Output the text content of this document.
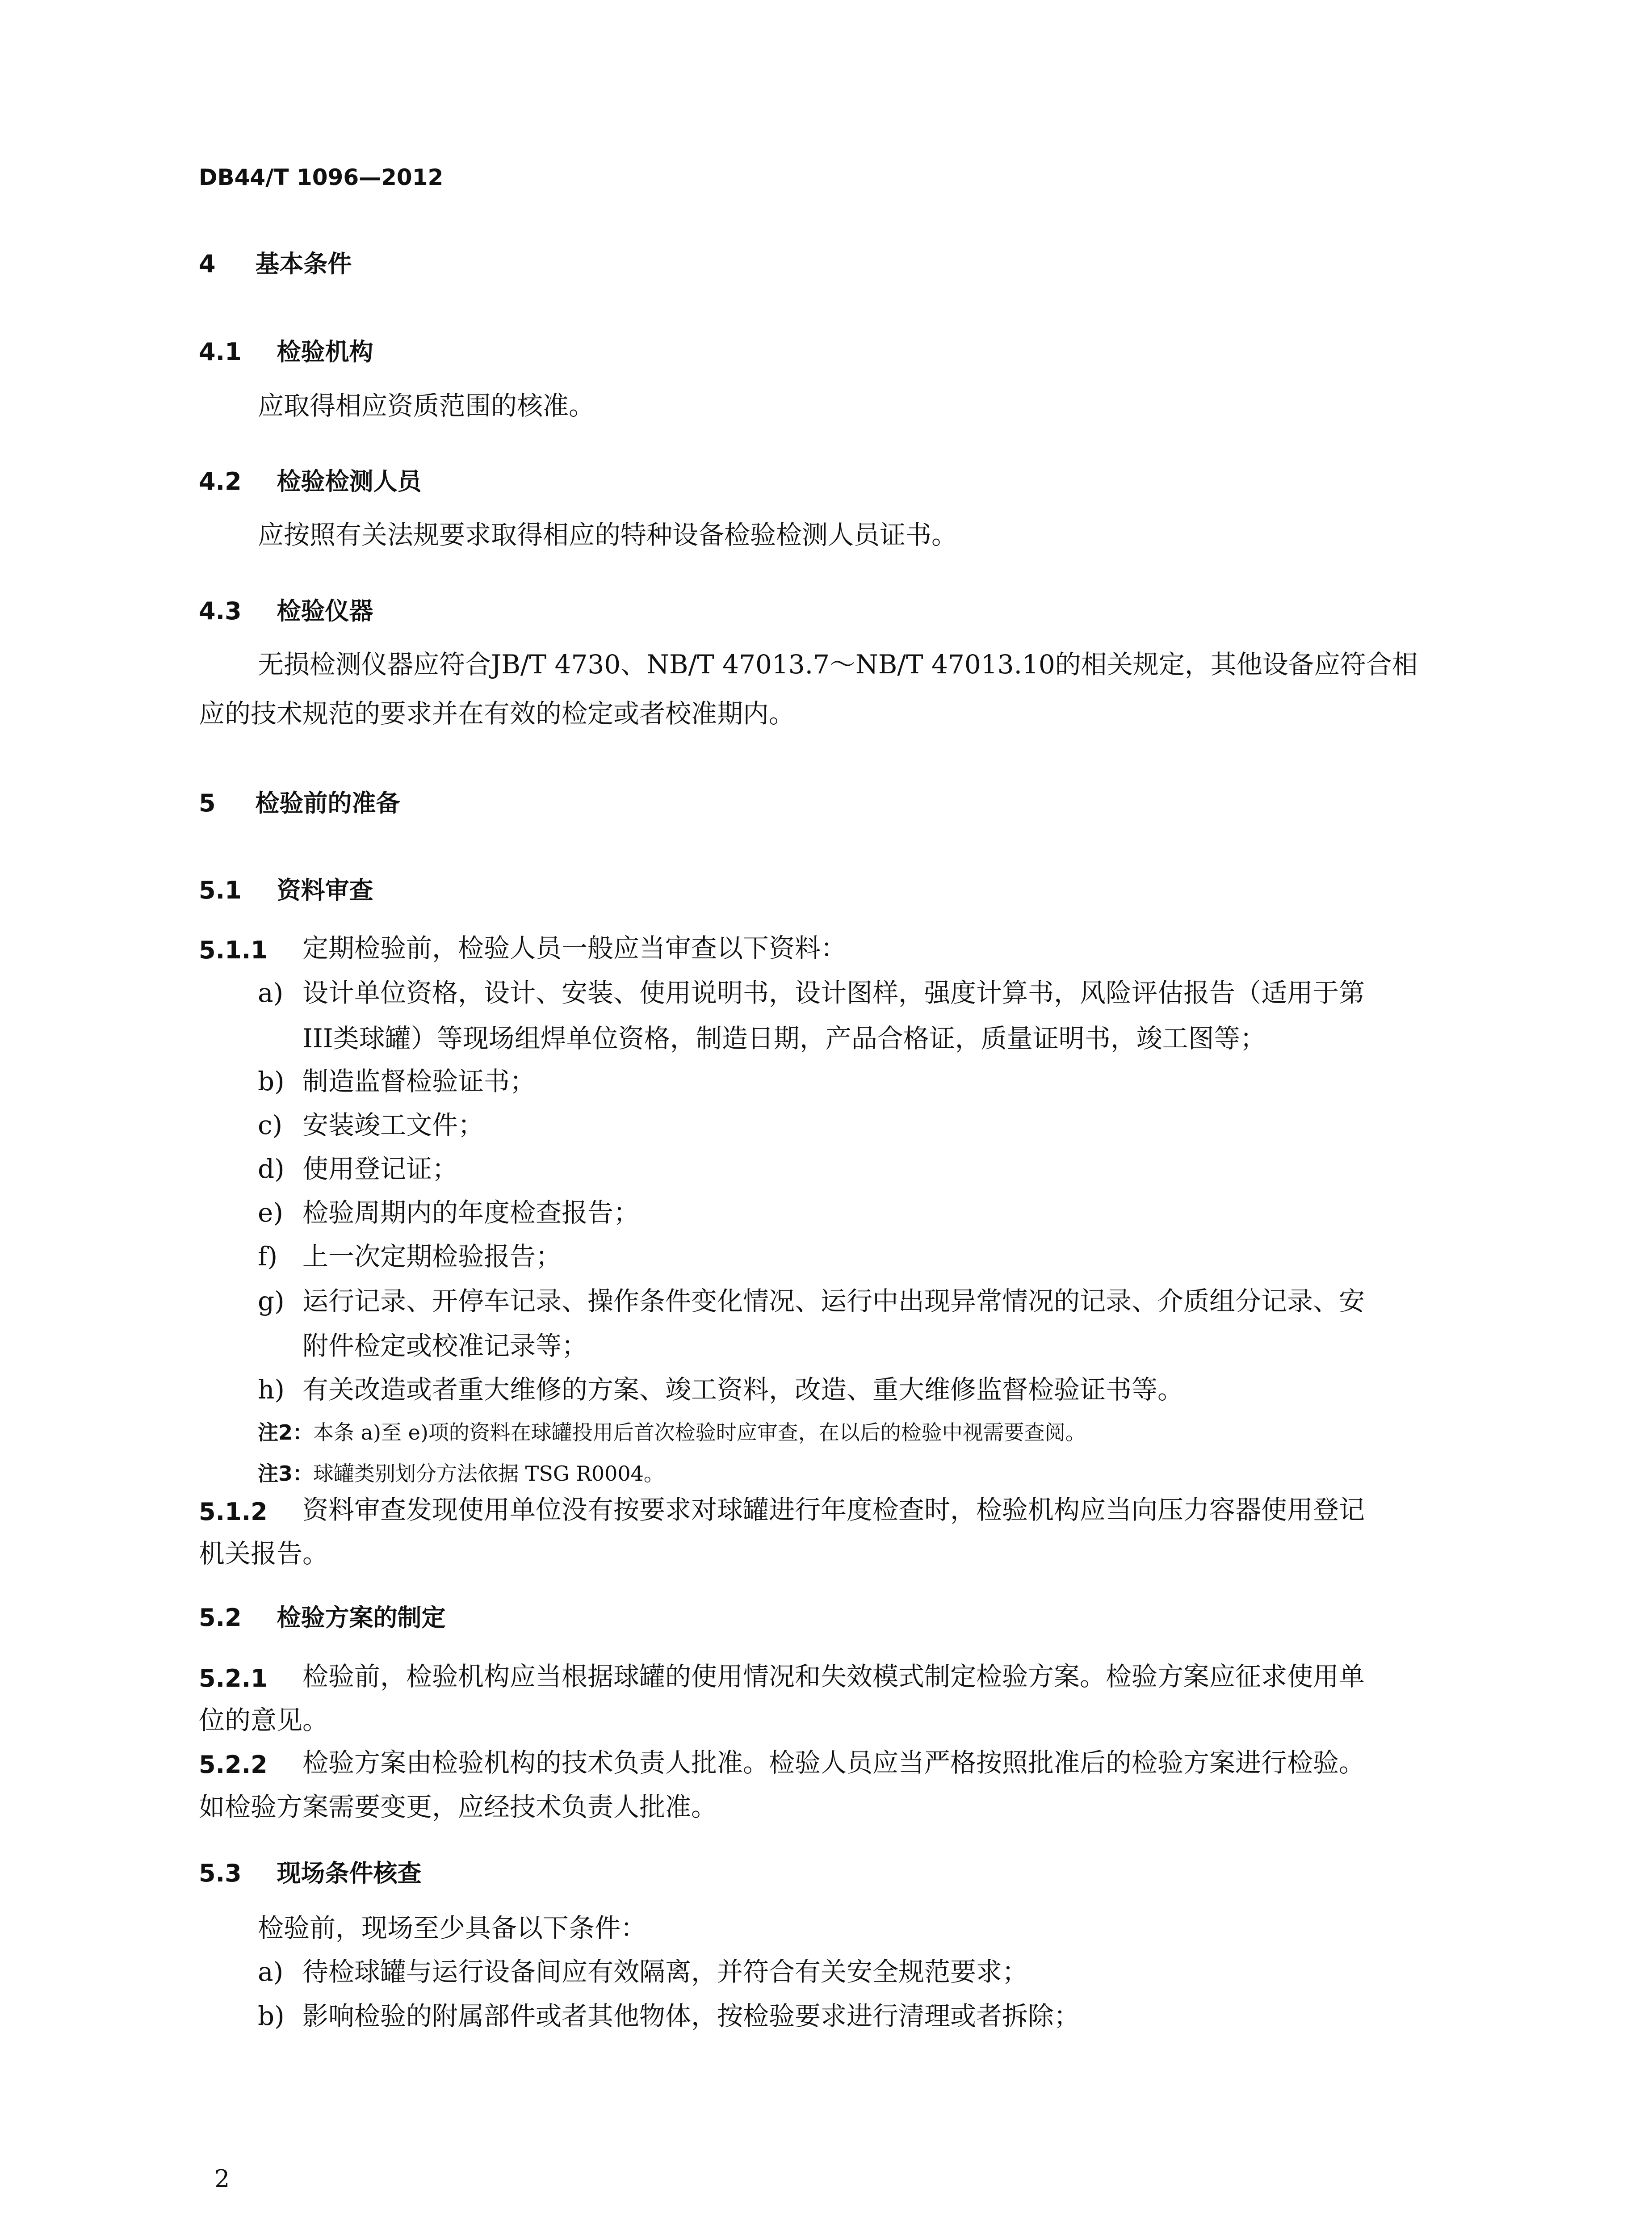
DB44/T 1096—2012
4 基本条件
4.1 检验机构
应取得相应资质范围的核准。
4.2 检验检测人员
应按照有关法规要求取得相应的特种设备检验检测人员证书。
4.3 检验仪器
无损检测仪器应符合JB/T 4730、NB/T 47013.7～NB/T 47013.10的相关规定，其他设备应符合相
应的技术规范的要求并在有效的检定或者校准期内。
5 检验前的准备
5.1 资料审查
5.1.1 定期检验前，检验人员一般应当审查以下资料：
a) 设计单位资格，设计、安装、使用说明书，设计图样，强度计算书，风险评估报告（适用于第
III类球罐）等现场组焊单位资格，制造日期，产品合格证，质量证明书，竣工图等；
b) 制造监督检验证书；
c) 安装竣工文件；
d) 使用登记证；
e) 检验周期内的年度检查报告；
f) 上一次定期检验报告；
g) 运行记录、开停车记录、操作条件变化情况、运行中出现异常情况的记录、介质组分记录、安
附件检定或校准记录等；
h) 有关改造或者重大维修的方案、竣工资料，改造、重大维修监督检验证书等。
注2：本条 a)至 e)项的资料在球罐投用后首次检验时应审查，在以后的检验中视需要查阅。
注3：球罐类别划分方法依据 TSG R0004。
5.1.2 资料审查发现使用单位没有按要求对球罐进行年度检查时，检验机构应当向压力容器使用登记
机关报告。
5.2 检验方案的制定
5.2.1 检验前，检验机构应当根据球罐的使用情况和失效模式制定检验方案。检验方案应征求使用单
位的意见。
5.2.2 检验方案由检验机构的技术负责人批准。检验人员应当严格按照批准后的检验方案进行检验。
如检验方案需要变更，应经技术负责人批准。
5.3 现场条件核查
检验前，现场至少具备以下条件：
a) 待检球罐与运行设备间应有效隔离，并符合有关安全规范要求；
b) 影响检验的附属部件或者其他物体，按检验要求进行清理或者拆除；
2
